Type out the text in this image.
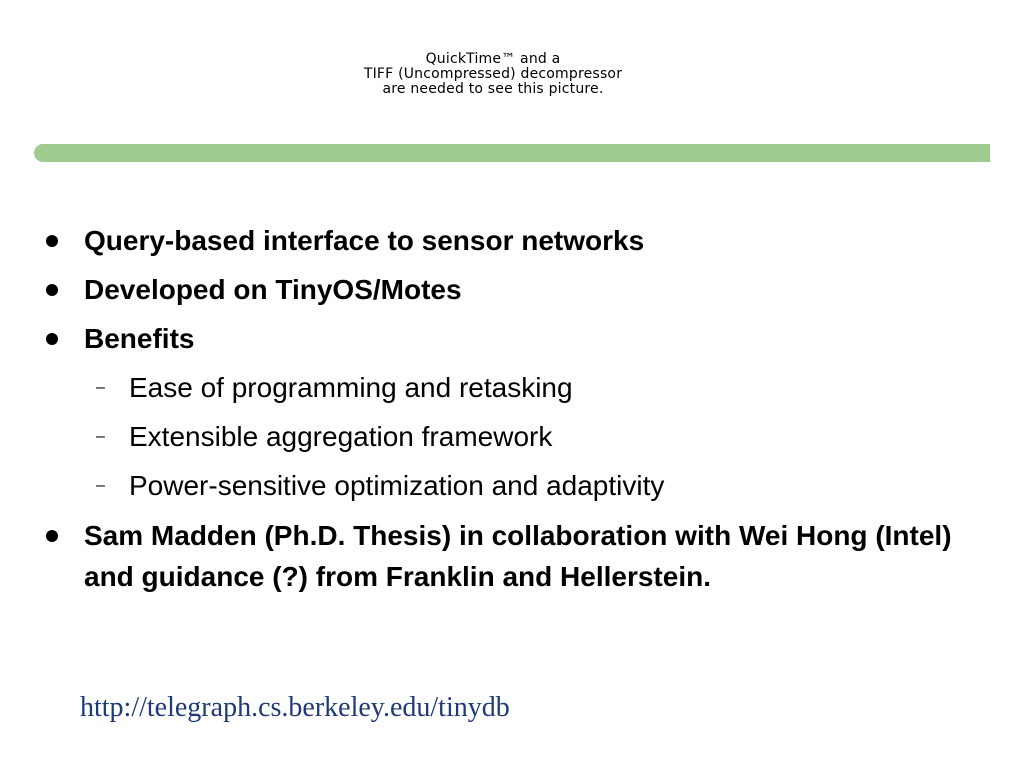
QuickTime™ and a
TIFF (Uncompressed) decompressor
are needed to see this picture.
Query-based interface to sensor networks
Developed on TinyOS/Motes
Benefits
– Ease of programming and retasking
– Extensible aggregation framework
– Power-sensitive optimization and adaptivity
Sam Madden (Ph.D. Thesis) in collaboration with Wei Hong (Intel) and guidance (?) from Franklin and Hellerstein.
http://telegraph.cs.berkeley.edu/tinydb
